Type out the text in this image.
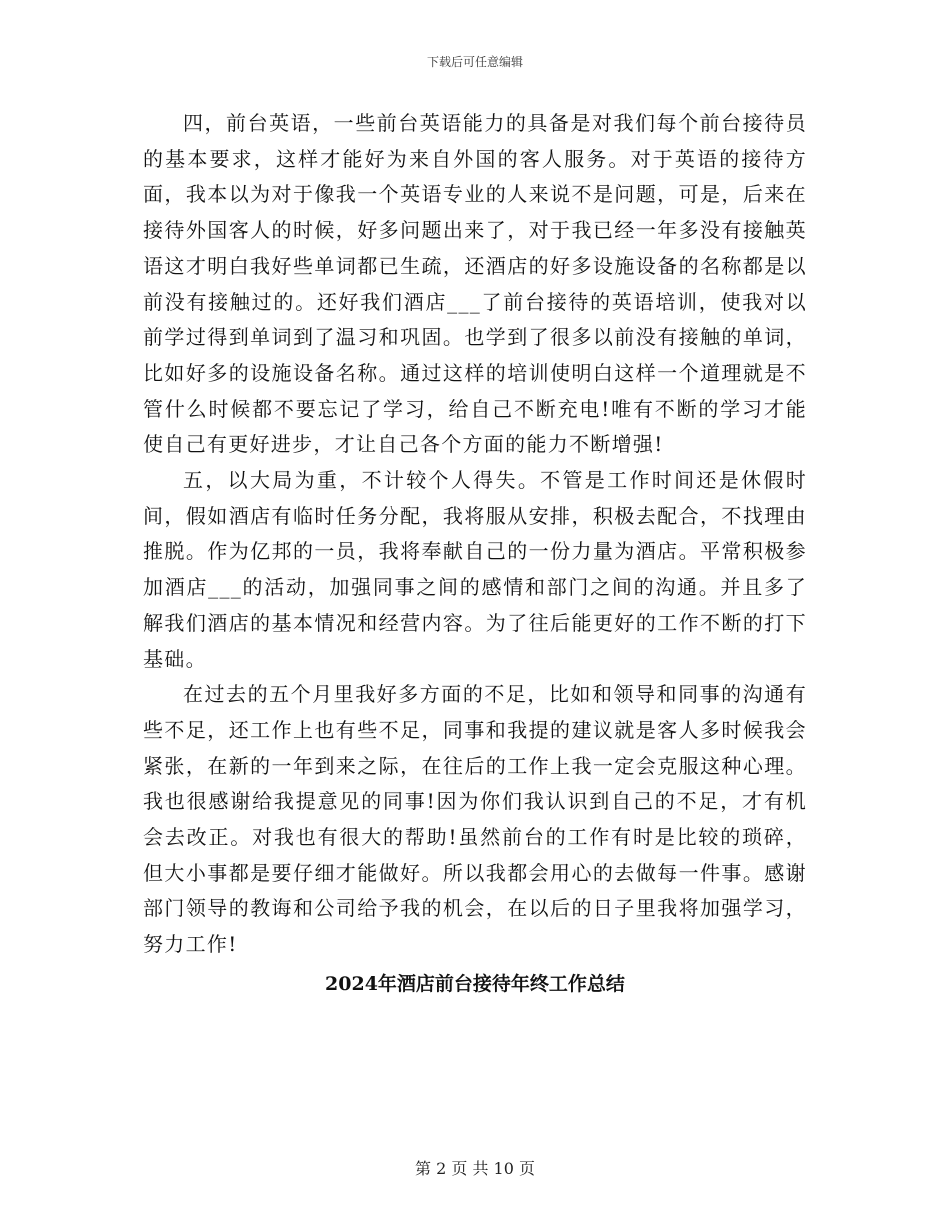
下载后可任意编辑

四，前台英语，一些前台英语能力的具备是对我们每个前台接待员的基本要求，这样才能好为来自外国的客人服务。对于英语的接待方面，我本以为对于像我一个英语专业的人来说不是问题，可是，后来在接待外国客人的时候，好多问题出来了，对于我已经一年多没有接触英语这才明白我好些单词都已生疏，还酒店的好多设施设备的名称都是以前没有接触过的。还好我们酒店___了前台接待的英语培训，使我对以前学过得到单词到了温习和巩固。也学到了很多以前没有接触的单词，比如好多的设施设备名称。通过这样的培训使明白这样一个道理就是不管什么时候都不要忘记了学习，给自己不断充电!唯有不断的学习才能使自己有更好进步，才让自己各个方面的能力不断增强!

五，以大局为重，不计较个人得失。不管是工作时间还是休假时间，假如酒店有临时任务分配，我将服从安排，积极去配合，不找理由推脱。作为亿邦的一员，我将奉献自己的一份力量为酒店。平常积极参加酒店___的活动，加强同事之间的感情和部门之间的沟通。并且多了解我们酒店的基本情况和经营内容。为了往后能更好的工作不断的打下基础。

在过去的五个月里我好多方面的不足，比如和领导和同事的沟通有些不足，还工作上也有些不足，同事和我提的建议就是客人多时候我会紧张，在新的一年到来之际，在往后的工作上我一定会克服这种心理。我也很感谢给我提意见的同事!因为你们我认识到自己的不足，才有机会去改正。对我也有很大的帮助!虽然前台的工作有时是比较的琐碎，但大小事都是要仔细才能做好。所以我都会用心的去做每一件事。感谢部门领导的教诲和公司给予我的机会，在以后的日子里我将加强学习，努力工作!

2024年酒店前台接待年终工作总结
第 2 页 共 10 页
